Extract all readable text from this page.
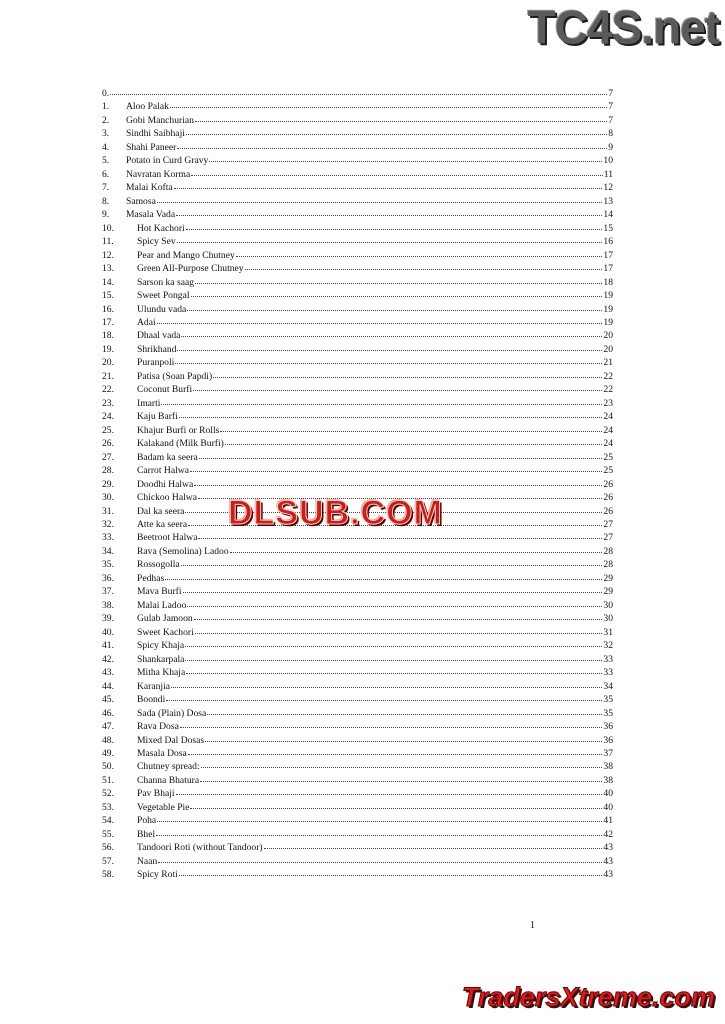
TC4S.net
0.	7
1.	Aloo Palak	7
2.	Gobi Manchurian	7
3.	Sindhi Saibhaji	8
4.	Shahi Paneer	9
5.	Potato in Curd Gravy	10
6.	Navratan Korma	11
7.	Malai Kofta	12
8.	Samosa	13
9.	Masala Vada	14
10.	Hot Kachori	15
11.	Spicy Sev	16
12.	Pear and Mango Chutney	17
13.	Green All-Purpose Chutney	17
14.	Sarson ka saag	18
15.	Sweet Pongal	19
16.	Ulundu vada	19
17.	Adai	19
18.	Dhaal vada	20
19.	Shrikhand	20
20.	Puranpoli	21
21.	Patisa (Soan Papdi)	22
22.	Coconut Burfi	22
23.	Imarti	23
24.	Kaju Barfi	24
25.	Khajur Burfi or Rolls	24
26.	Kalakand (Milk Burfi)	24
27.	Badam ka seera	25
28.	Carrot Halwa	25
29.	Doodhi Halwa	26
30.	Chickoo Halwa	26
31.	Dal ka seera	26
32.	Atte ka seera	27
33.	Beetroot Halwa	27
34.	Rava (Semolina) Ladoo	28
35.	Rossogolla	28
36.	Pedhas	29
37.	Mava Burfi	29
38.	Malai Ladoo	30
39.	Gulab Jamoon	30
40.	Sweet Kachori	31
41.	Spicy Khaja	32
42.	Shankarpala	33
43.	Mitha Khaja	33
44.	Karanjia	34
45.	Boondi	35
46.	Sada (Plain) Dosa	35
47.	Rava Dosa	36
48.	Mixed Dal Dosas	36
49.	Masala Dosa	37
50.	Chutney spread:	38
51.	Channa Bhatura	38
52.	Pav Bhaji	40
53.	Vegetable Pie	40
54.	Poha	41
55.	Bhel	42
56.	Tandoori Roti (without Tandoor)	43
57.	Naan	43
58.	Spicy Roti	43
DLSUB.COM
1
TradersXtreme.com
